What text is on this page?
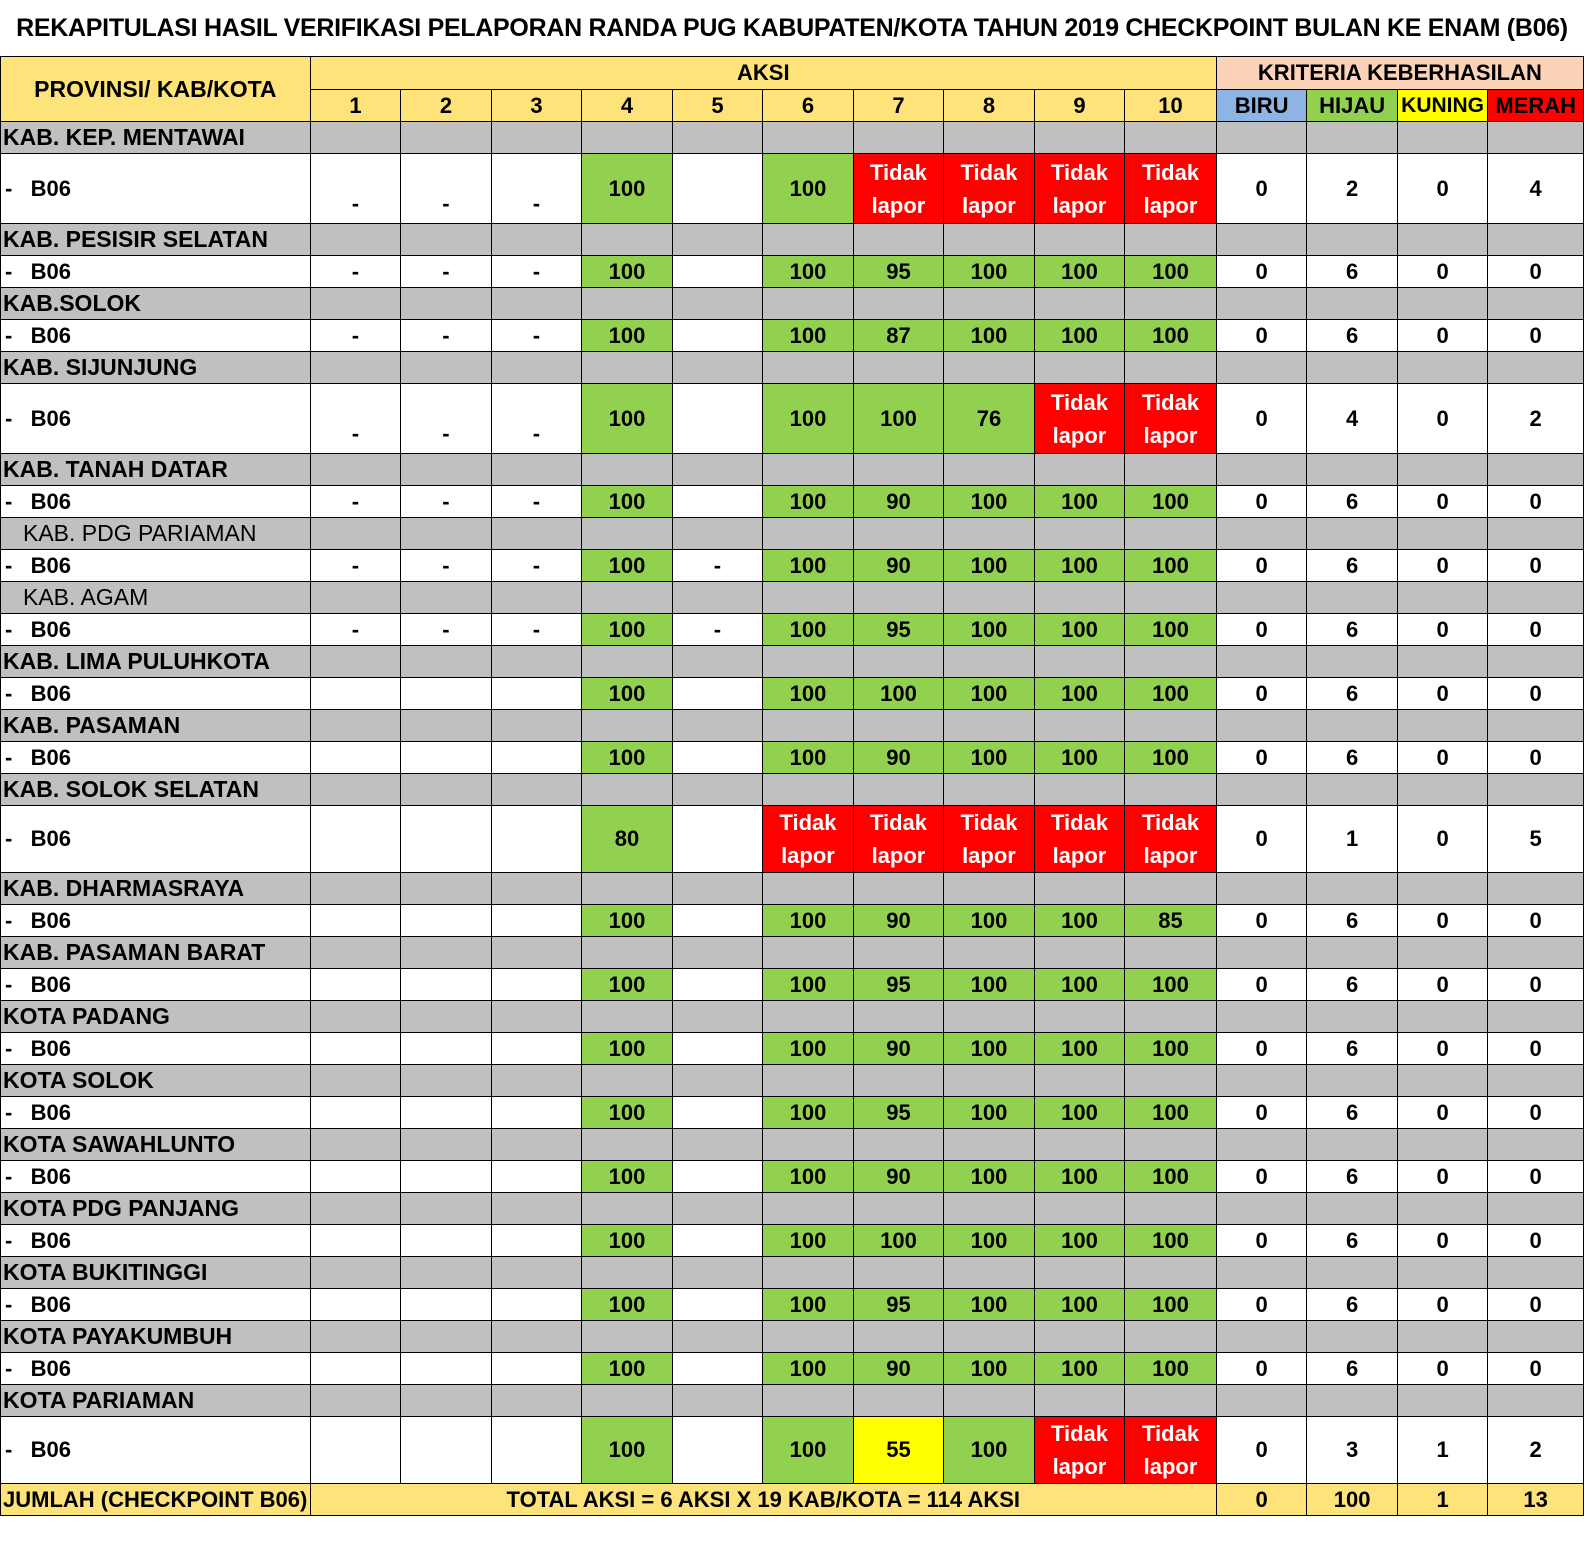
REKAPITULASI HASIL VERIFIKASI PELAPORAN RANDA PUG KABUPATEN/KOTA TAHUN 2019 CHECKPOINT BULAN KE ENAM (B06)
PROVINSI/ KAB/KOTA	AKSI										KRITERIA KEBERHASILAN			
	1	2	3	4	5	6	7	8	9	10	BIRU	HIJAU	KUNING	MERAH
KAB. KEP. MENTAWAI														
-   B06	-	-	-	100		100	Tidak lapor	Tidak lapor	Tidak lapor	Tidak lapor	0	2	0	4
KAB. PESISIR SELATAN														
-   B06	-	-	-	100		100	95	100	100	100	0	6	0	0
KAB.SOLOK														
-   B06	-	-	-	100		100	87	100	100	100	0	6	0	0
KAB. SIJUNJUNG														
-   B06	-	-	-	100		100	100	76	Tidak lapor	Tidak lapor	0	4	0	2
KAB. TANAH DATAR														
-   B06	-	-	-	100		100	90	100	100	100	0	6	0	0
KAB. PDG PARIAMAN														
-   B06	-	-	-	100	-	100	90	100	100	100	0	6	0	0
KAB. AGAM														
-   B06	-	-	-	100	-	100	95	100	100	100	0	6	0	0
KAB. LIMA PULUHKOTA														
-   B06				100		100	100	100	100	100	0	6	0	0
KAB. PASAMAN														
-   B06				100		100	90	100	100	100	0	6	0	0
KAB. SOLOK SELATAN														
-   B06				80		Tidak lapor	Tidak lapor	Tidak lapor	Tidak lapor	Tidak lapor	0	1	0	5
KAB. DHARMASRAYA														
-   B06				100		100	90	100	100	85	0	6	0	0
KAB. PASAMAN BARAT														
-   B06				100		100	95	100	100	100	0	6	0	0
KOTA PADANG														
-   B06				100		100	90	100	100	100	0	6	0	0
KOTA SOLOK														
-   B06				100		100	95	100	100	100	0	6	0	0
KOTA SAWAHLUNTO														
-   B06				100		100	90	100	100	100	0	6	0	0
KOTA PDG PANJANG														
-   B06				100		100	100	100	100	100	0	6	0	0
KOTA BUKITINGGI														
-   B06				100		100	95	100	100	100	0	6	0	0
KOTA PAYAKUMBUH														
-   B06				100		100	90	100	100	100	0	6	0	0
KOTA PARIAMAN														
-   B06				100		100	55	100	Tidak lapor	Tidak lapor	0	3	1	2
JUMLAH (CHECKPOINT B06)	TOTAL AKSI = 6 AKSI X 19 KAB/KOTA = 114 AKSI										0	100	1	13
